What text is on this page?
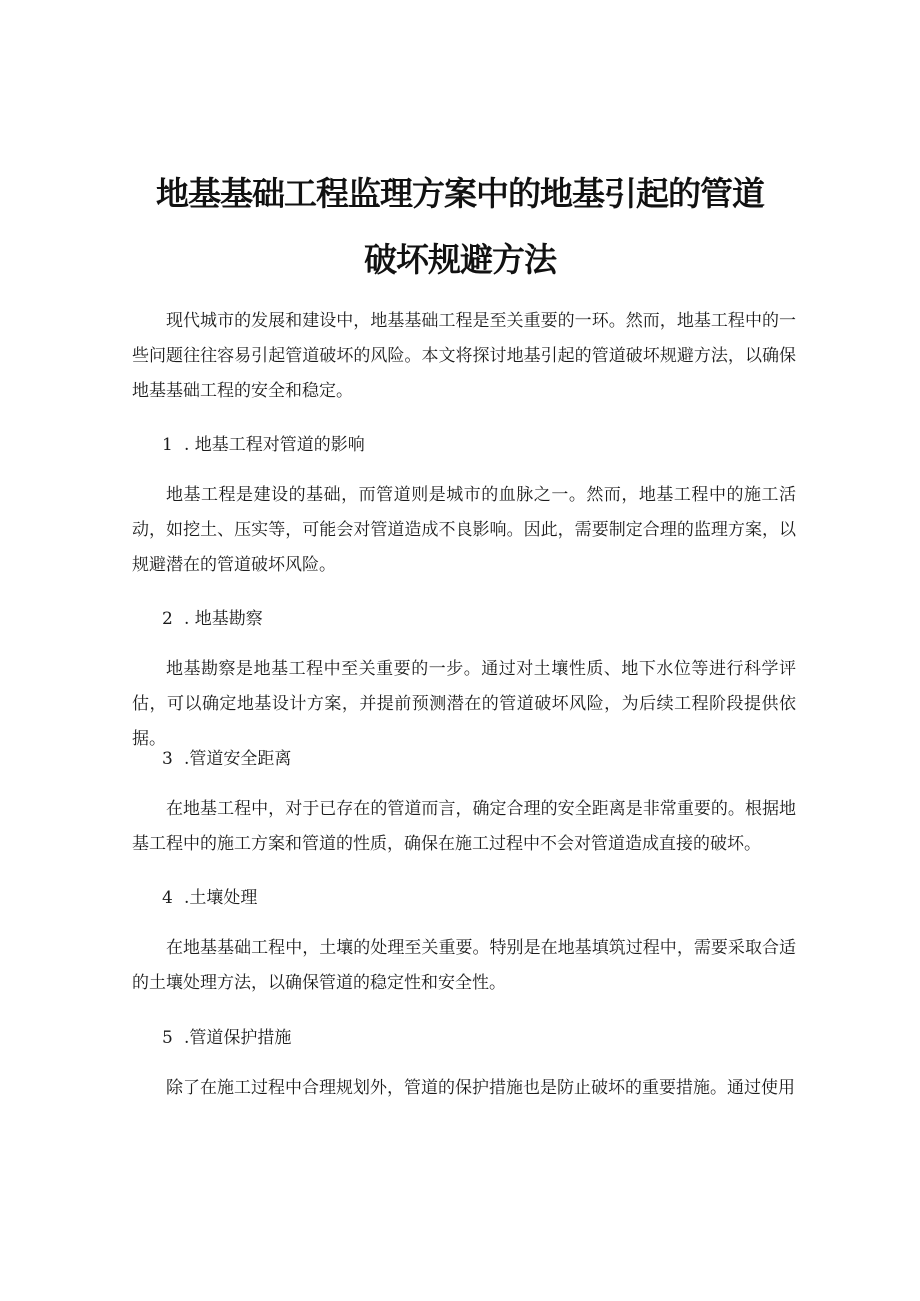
地基基础工程监理方案中的地基引起的管道
破坏规避方法

现代城市的发展和建设中，地基基础工程是至关重要的一环。然而，地基工程中的一些问题往往容易引起管道破坏的风险。本文将探讨地基引起的管道破坏规避方法，以确保地基基础工程的安全和稳定。

1 . 地基工程对管道的影响

地基工程是建设的基础，而管道则是城市的血脉之一。然而，地基工程中的施工活动，如挖土、压实等，可能会对管道造成不良影响。因此，需要制定合理的监理方案，以规避潜在的管道破坏风险。

2 . 地基勘察

地基勘察是地基工程中至关重要的一步。通过对土壤性质、地下水位等进行科学评估，可以确定地基设计方案，并提前预测潜在的管道破坏风险，为后续工程阶段提供依据。

3 .管道安全距离

在地基工程中，对于已存在的管道而言，确定合理的安全距离是非常重要的。根据地基工程中的施工方案和管道的性质，确保在施工过程中不会对管道造成直接的破坏。

4 .土壤处理

在地基基础工程中，土壤的处理至关重要。特别是在地基填筑过程中，需要采取合适的土壤处理方法，以确保管道的稳定性和安全性。

5 .管道保护措施

除了在施工过程中合理规划外，管道的保护措施也是防止破坏的重要措施。通过使用
